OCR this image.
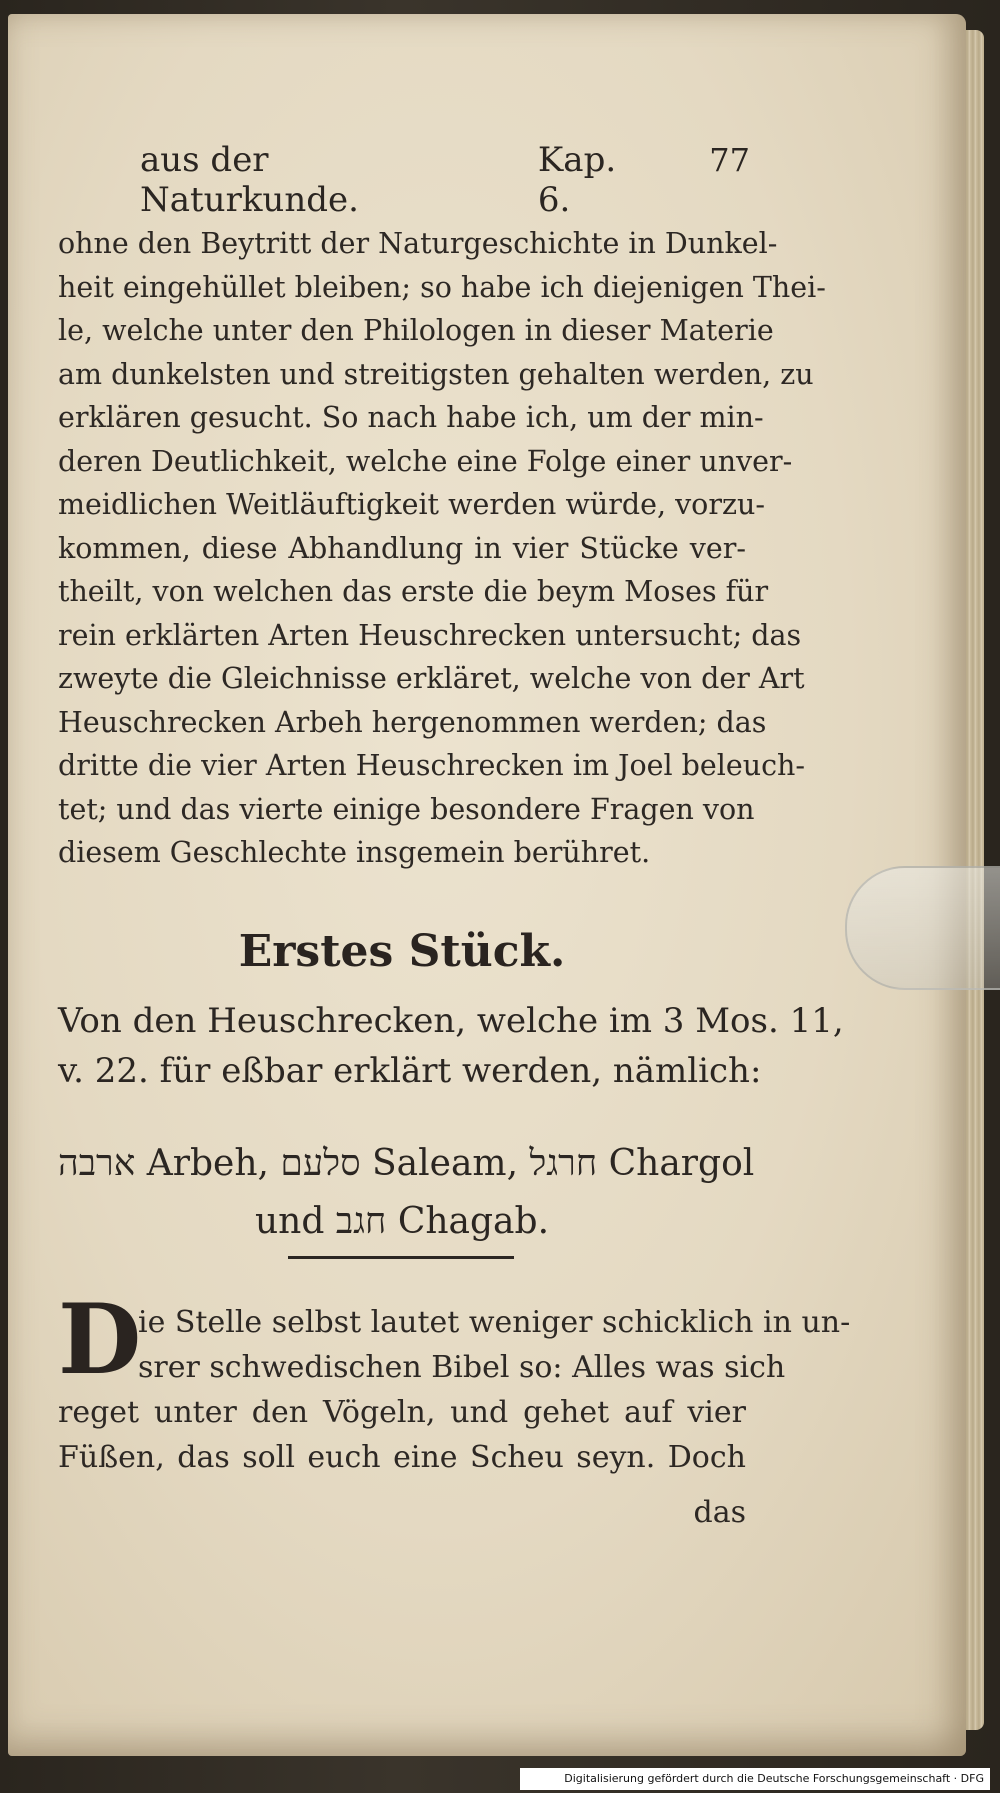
aus der Naturkunde.
Kap. 6.
77
ohne den Beytritt der Naturgeschichte in Dunkel-
heit eingehüllet bleiben; so habe ich diejenigen Thei-
le, welche unter den Philologen in dieser Materie
am dunkelsten und streitigsten gehalten werden, zu
erklären gesucht. So nach habe ich, um der min-
deren Deutlichkeit, welche eine Folge einer unver-
meidlichen Weitläuftigkeit werden würde, vorzu-
kommen, diese Abhandlung in vier Stücke ver-
theilt, von welchen das erste die beym Moses für
rein erklärten Arten Heuschrecken untersucht; das
zweyte die Gleichnisse erkläret, welche von der Art
Heuschrecken Arbeh hergenommen werden; das
dritte die vier Arten Heuschrecken im Joel beleuch-
tet; und das vierte einige besondere Fragen von
diesem Geschlechte insgemein berühret.
Erstes Stück.
Von den Heuschrecken, welche im 3 Mos. 11,
v. 22. für eßbar erklärt werden, nämlich:
ארבה Arbeh, סלעם Saleam, חרגל Chargol
und חגב Chagab.
D
ie Stelle selbst lautet weniger schicklich in un-
srer schwedischen Bibel so: Alles was sich
reget unter den Vögeln, und gehet auf vier
Füßen, das soll euch eine Scheu seyn. Doch
das
Digitalisierung gefördert durch die Deutsche Forschungsgemeinschaft · DFG
